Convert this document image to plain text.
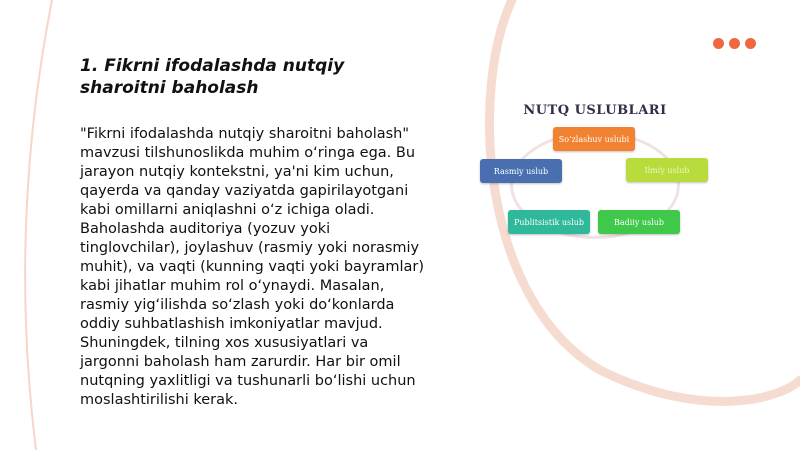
1. Fikrni ifodalashda nutqiy sharoitni baholash

"Fikrni ifodalashda nutqiy sharoitni baholash" mavzusi tilshunoslikda muhim o‘ringa ega. Bu jarayon nutqiy kontekstni, ya'ni kim uchun, qayerda va qanday vaziyatda gapirilayotgani kabi omillarni aniqlashni o‘z ichiga oladi. Baholashda auditoriya (yozuv yoki tinglovchilar), joylashuv (rasmiy yoki norasmiy muhit), va vaqti (kunning vaqti yoki bayramlar) kabi jihatlar muhim rol o‘ynaydi. Masalan, rasmiy yig‘ilishda so‘zlash yoki do‘konlarda oddiy suhbatlashish imkoniyatlar mavjud. Shuningdek, tilning xos xususiyatlari va jargonni baholash ham zarurdir. Har bir omil nutqning yaxlitligi va tushunarli bo‘lishi uchun moslashtirilishi kerak.

NUTQ USLUBLARI
So‘zlashuv uslubi
Ilmiy uslub
Badiiy uslub
Publitsistik uslub
Rasmiy uslub
